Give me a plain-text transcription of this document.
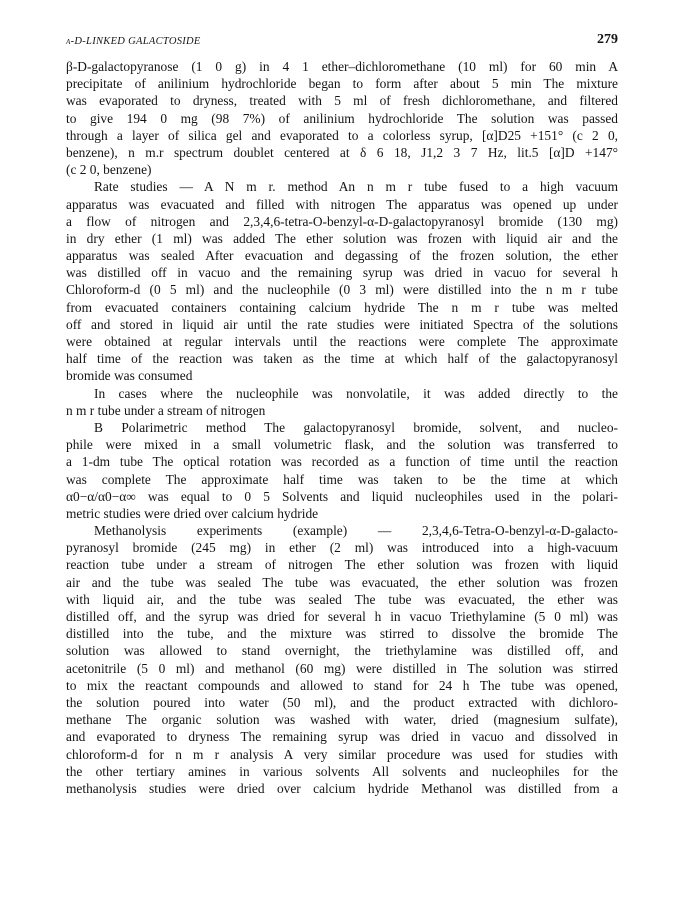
α-D-LINKED GALACTOSIDE	279
β-D-galactopyranose (1 0 g) in 4 1 ether–dichloromethane (10 ml) for 60 min A
precipitate of anilinium hydrochloride began to form after about 5 min The mixture
was evaporated to dryness, treated with 5 ml of fresh dichloromethane, and filtered
to give 194 0 mg (98 7%) of anilinium hydrochloride The solution was passed
through a layer of silica gel and evaporated to a colorless syrup, [α]D25 +151° (c 2 0,
benzene), n m.r spectrum doublet centered at δ 6 18, J1,2 3 7 Hz, lit.5 [α]D +147°
(c 2 0, benzene)
Rate studies — A N m r. method An n m r tube fused to a high vacuum
apparatus was evacuated and filled with nitrogen The apparatus was opened up under
a flow of nitrogen and 2,3,4,6-tetra-O-benzyl-α-D-galactopyranosyl bromide (130 mg)
in dry ether (1 ml) was added The ether solution was frozen with liquid air and the
apparatus was sealed After evacuation and degassing of the frozen solution, the ether
was distilled off in vacuo and the remaining syrup was dried in vacuo for several h
Chloroform-d (0 5 ml) and the nucleophile (0 3 ml) were distilled into the n m r tube
from evacuated containers containing calcium hydride The n m r tube was melted
off and stored in liquid air until the rate studies were initiated Spectra of the solutions
were obtained at regular intervals until the reactions were complete The approximate
half time of the reaction was taken as the time at which half of the galactopyranosyl
bromide was consumed
In cases where the nucleophile was nonvolatile, it was added directly to the
n m r tube under a stream of nitrogen
B Polarimetric method The galactopyranosyl bromide, solvent, and nucleo-
phile were mixed in a small volumetric flask, and the solution was transferred to
a 1-dm tube The optical rotation was recorded as a function of time until the reaction
was complete The approximate half time was taken to be the time at which
α0−α/α0−α∞ was equal to 0 5 Solvents and liquid nucleophiles used in the polari-
metric studies were dried over calcium hydride
Methanolysis experiments (example) — 2,3,4,6-Tetra-O-benzyl-α-D-galacto-
pyranosyl bromide (245 mg) in ether (2 ml) was introduced into a high-vacuum
reaction tube under a stream of nitrogen The ether solution was frozen with liquid
air and the tube was sealed The tube was evacuated, the ether solution was frozen
with liquid air, and the tube was sealed The tube was evacuated, the ether was
distilled off, and the syrup was dried for several h in vacuo Triethylamine (5 0 ml) was
distilled into the tube, and the mixture was stirred to dissolve the bromide The
solution was allowed to stand overnight, the triethylamine was distilled off, and
acetonitrile (5 0 ml) and methanol (60 mg) were distilled in The solution was stirred
to mix the reactant compounds and allowed to stand for 24 h The tube was opened,
the solution poured into water (50 ml), and the product extracted with dichloro-
methane The organic solution was washed with water, dried (magnesium sulfate),
and evaporated to dryness The remaining syrup was dried in vacuo and dissolved in
chloroform-d for n m r analysis A very similar procedure was used for studies with
the other tertiary amines in various solvents All solvents and nucleophiles for the
methanolysis studies were dried over calcium hydride Methanol was distilled from a
